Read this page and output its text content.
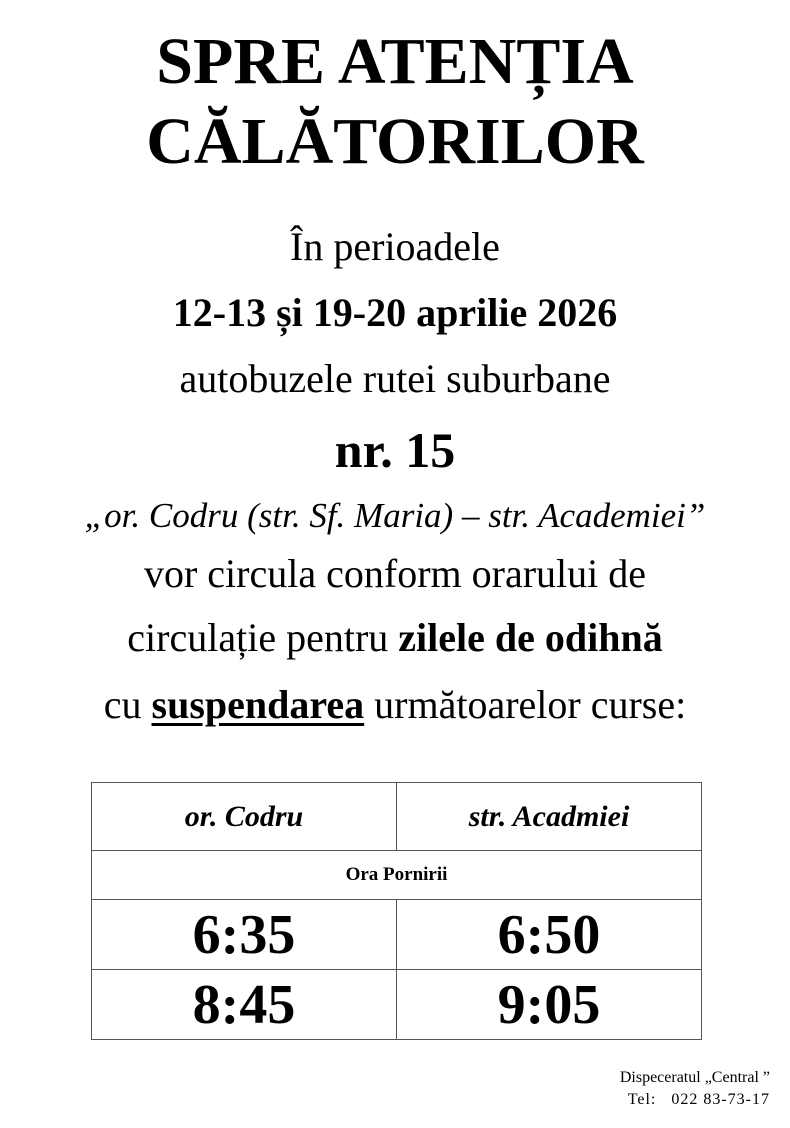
SPRE ATENȚIA
CĂLĂTORILOR
În perioadele
12-13 și 19-20 aprilie 2026
autobuzele rutei suburbane
nr. 15
„or. Codru (str. Sf. Maria) – str. Academiei”
vor circula conform orarului de
circulație pentru zilele de odihnă
cu suspendarea următoarelor curse:
or. Codru	str. Acadmiei
Ora Pornirii	
6:35	6:50
8:45	9:05
Dispeceratul „Central ”
Tel: 022 83-73-17
